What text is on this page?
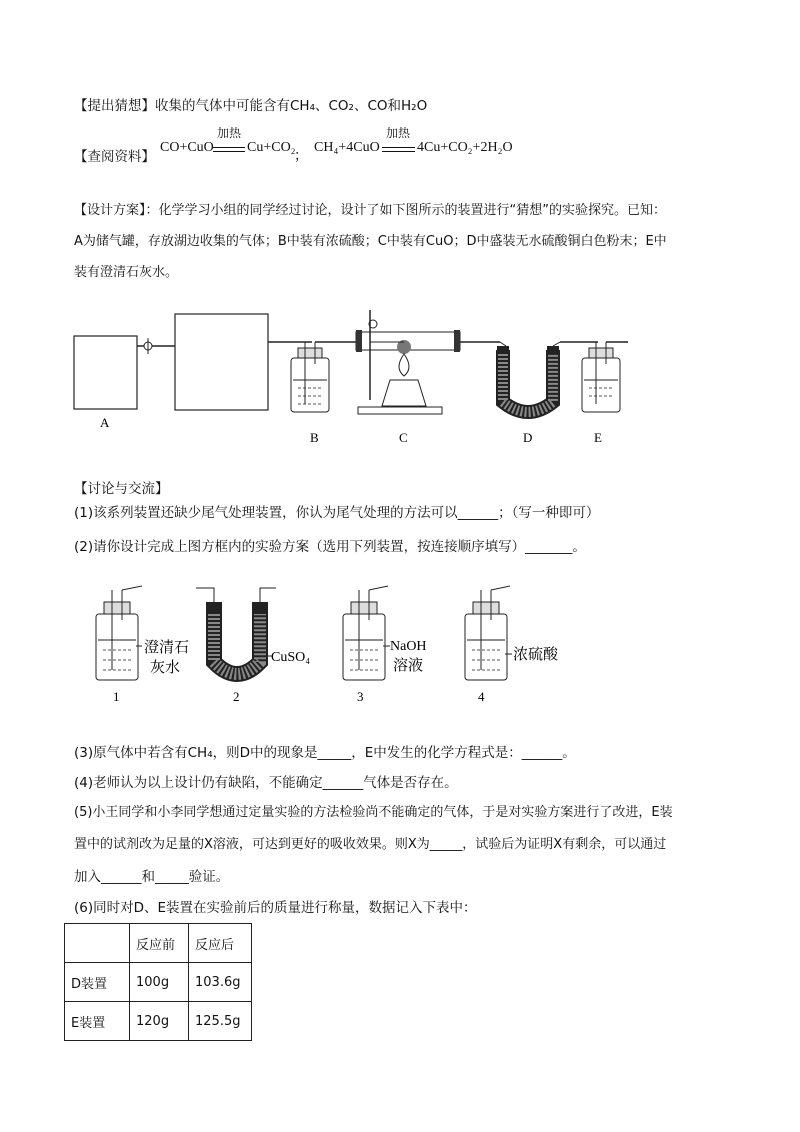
【提出猜想】收集的气体中可能含有CH₄、CO₂、CO和H₂O
【查阅资料】
CO+CuO
加热
Cu+CO₂
；
CH₄+4CuO
加热
4Cu+CO₂+2H₂O
【设计方案】：化学学习小组的同学经过讨论，设计了如下图所示的装置进行“猜想”的实验探究。已知：
A为储气罐，存放湖边收集的气体；B中装有浓硫酸；C中装有CuO；D中盛装无水硫酸铜白色粉末；E中
装有澄清石灰水。
A
B	C	D	E
【讨论与交流】
(1)该系列装置还缺少尾气处理装置，你认为尾气处理的方法可以______；（写一种即可）
(2)请你设计完成上图方框内的实验方案（选用下列装置，按连接顺序填写）_______。
澄清石
灰水
CuSO₄
NaOH
溶液
浓硫酸
1	2	3	4
(3)原气体中若含有CH₄，则D中的现象是_____，E中发生的化学方程式是：______。
(4)老师认为以上设计仍有缺陷，不能确定______气体是否存在。
(5)小王同学和小李同学想通过定量实验的方法检验尚不能确定的气体，于是对实验方案进行了改进，E装
置中的试剂改为足量的X溶液，可达到更好的吸收效果。则X为_____，试验后为证明X有剩余，可以通过
加入______和_____验证。
(6)同时对D、E装置在实验前后的质量进行称量，数据记入下表中：
	反应前	反应后
D装置	100g	103.6g
E装置	120g	125.5g
